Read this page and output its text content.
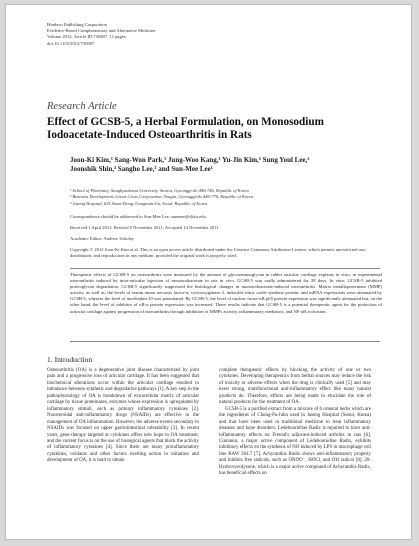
Hindawi Publishing Corporation
Evidence-Based Complementary and Alternative Medicine
Volume 2012, Article ID 730907, 11 pages
doi:10.1155/2012/730907
Research Article
Effect of GCSB-5, a Herbal Formulation, on Monosodium
Iodoacetate-Induced Osteoarthritis in Rats
Joon-Ki Kim,¹ Sang-Won Park,¹ Jung-Woo Kang,¹ Yu-Jin Kim,² Sung Youl Lee,²
Joonshik Shin,³ Sangho Lee,³ and Sun-Mee Lee¹
¹ School of Pharmacy, Sungkyunkwan University, Suwon, Gyeonggi-do 440-746, Republic of Korea
² Business Development, Green Cross Corporation, Yongin, Gyeonggi-do 446-770, Republic of Korea
³ Jaseng Hospital, 635 Sinsa-Dong, Gangnam-Gu, Seoul, Republic of Korea
Correspondence should be addressed to Sun-Mee Lee, sunmee@skku.edu
Received 1 April 2011; Revised 9 November 2011; Accepted 14 November 2011
Academic Editor: Andrew Scholey
Copyright © 2012 Joon-Ki Kim et al. This is an open access article distributed under the Creative Commons Attribution License, which permits unrestricted use, distribution, and reproduction in any medium, provided the original work is properly cited.
Therapeutic effects of GCSB-5 on osteoarthritis were measured by the amount of glycosaminoglycan in rabbit articular cartilage explants in vitro, in experimental osteoarthritis induced by intra-articular injection of monoiodoacetate in rats in vivo. GCSB-5 was orally administered for 28 days. In vitro, GCSB-5 inhibited proteoglycan degradation. GCSB-5 significantly suppressed the histological changes in monoiodoacetate-induced osteoarthritis. Matrix metalloproteinase (MMP) activity, as well as, the levels of serum tumor necrosis factor-α, cyclooxygenase-2, inducible nitric oxide synthase protein, and mRNA expressions were attenuated by GCSB-5, whereas the level of interleukin-10 was potentiated. By GCSB-5, the level of nuclear factor-κB p65 protein expression was significantly attenuated but, on the other hand, the level of inhibitor of κB-α protein expression was increased. These results indicate that GCSB-5 is a potential therapeutic agent for the protection of articular cartilage against progression of osteoarthritis through inhibition of MMPs activity, inflammatory mediators, and NF-κB activation.
1. Introduction

Osteoarthritis (OA) is a degenerative joint disease characterized by joint pain and a progressive loss of articular cartilage. It has been suggested that biochemical alterations occur within the articular cartilage resulted in imbalance between synthetic and degradative pathways [1]. A key step in the pathophysiology of OA is breakdown of extracellular matrix of articular cartilage by tissue proteinases, enzymes whose expression is upregulated by inflammatory stimuli, such as primary inflammatory cytokines [2]. Nonsteroidal anti-inflammatory drugs (NSAIDs) are effective in the management of OA inflammation. However, the adverse events secondary to NSAIDs was focused on upper gastrointestinal tolerability [3]. In recent years, gene therapy targeted at cytokines offers new hope to OA treatment, and the current focus is on the use of biological agents that block the activity of inflammatory cytokines [4]. Since there are many proinflammatory cytokines, oxidants and other factors exerting action in initiation and development of OA, it is hard to obtain

complete therapeutic effects by blocking the activity of one or two cytokines. Developing therapeutics from herbal sources may reduce the risk of toxicity or adverse effects when the drug is clinically used [5] and may exert strong, multifunctional anti-inflammatory effect like many natural products do. Therefore, efforts are being made to elucidate the role of natural products for the treatment of OA.

GCSB-5 is a purified extract from a mixture of 6 oriental herbs which are the ingredients of Chung-Pa-Juhn used in Jaseng Hospital (Seoul, Korea) and that have been used in traditional medicine to treat inflammatory diseases and bone disorders. Ledebouriellae Radix is reported to have anti-inflammatory effects on Freund's adjuvant-induced arthritis in rats [6]. Cinnanin, a major active component of Ledebouriellae Radix, exhibits inhibitory effects on the synthesis of NO induced by LPS in macrophage cell line RAW 264.7 [7]. Achyranthis Radix shows anti-inflammatory property and inhibits free radicals, such as ONOO⁻, HOCl, and OH radical [8]. 20-Hydroxyecdysone, which is a major active compound of Achyranthis Radix, has beneficial effects on
